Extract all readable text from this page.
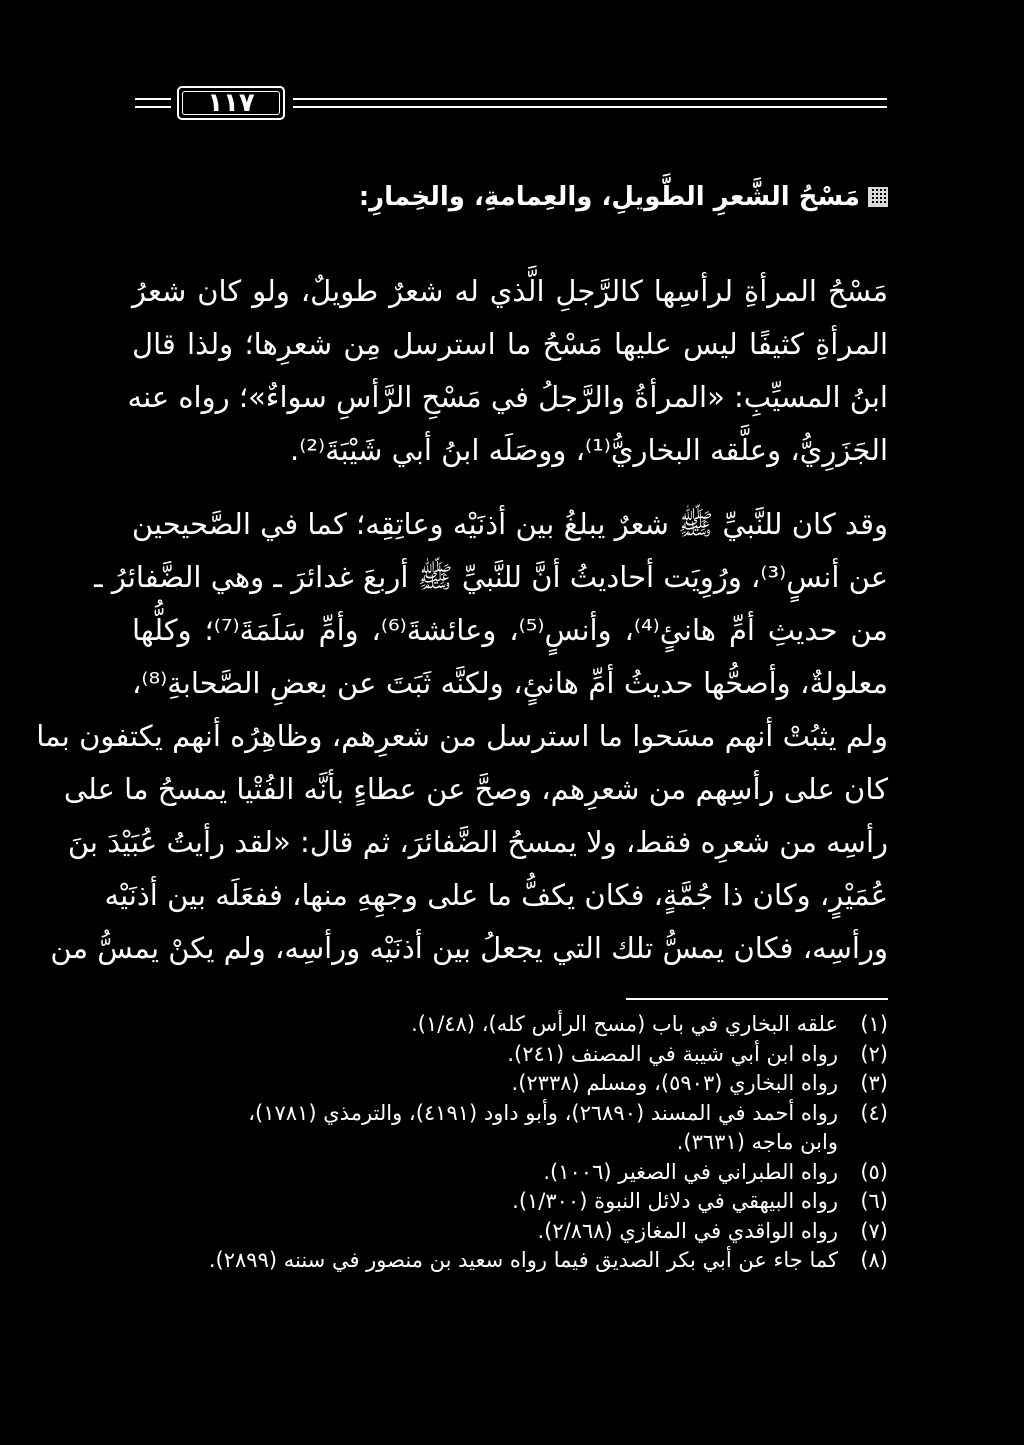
١١٧
مَسْحُ الشَّعرِ الطَّويلِ، والعِمامةِ، والخِمارِ:
مَسْحُ المرأةِ لرأسِها كالرَّجلِ الَّذي له شعرٌ طويلٌ، ولو كان شعرُ
المرأةِ كثيفًا ليس عليها مَسْحُ ما استرسل مِن شعرِها؛ ولذا قال
ابنُ المسيِّبِ: «المرأةُ والرَّجلُ في مَسْحِ الرَّأسِ سواءٌ»؛ رواه عنه
الجَزَرِيُّ، وعلَّقه البخاريُّ⁽¹⁾، ووصَلَه ابنُ أبي شَيْبَةَ⁽²⁾.
وقد كان للنَّبيِّ ﷺ شعرٌ يبلغُ بين أذنَيْه وعاتِقِه؛ كما في الصَّحيحين
عن أنسٍ⁽³⁾، ورُوِيَت أحاديثُ أنَّ للنَّبيِّ ﷺ أربعَ غدائرَ ـ وهي الضَّفائرُ ـ
من حديثِ أمِّ هانئٍ⁽⁴⁾، وأنسٍ⁽⁵⁾، وعائشةَ⁽⁶⁾، وأمِّ سَلَمَةَ⁽⁷⁾؛ وكلُّها
معلولةٌ، وأصحُّها حديثُ أمِّ هانئٍ، ولكنَّه ثَبَتَ عن بعضِ الصَّحابةِ⁽⁸⁾،
ولم يثبُتْ أنهم مسَحوا ما استرسل من شعرِهم، وظاهِرُه أنهم يكتفون بما
كان على رأسِهم من شعرِهم، وصحَّ عن عطاءٍ بأنَّه الفُتْيا يمسحُ ما على
رأسِه من شعرِه فقط، ولا يمسحُ الضَّفائرَ، ثم قال: «لقد رأيتُ عُبَيْدَ بنَ
عُمَيْرٍ، وكان ذا جُمَّةٍ، فكان يكفُّ ما على وجهِهِ منها، ففعَلَه بين أذنَيْه
ورأسِه، فكان يمسُّ تلك التي يجعلُ بين أذنَيْه ورأسِه، ولم يكنْ يمسُّ من
(١)
علقه البخاري في باب (مسح الرأس كله)، (١/٤٨).
(٢)
رواه ابن أبي شيبة في المصنف (٢٤١).
(٣)
رواه البخاري (٥٩٠٣)، ومسلم (٢٣٣٨).
(٤)
رواه أحمد في المسند (٢٦٨٩٠)، وأبو داود (٤١٩١)، والترمذي (١٧٨١)،
وابن ماجه (٣٦٣١).
(٥)
رواه الطبراني في الصغير (١٠٠٦).
(٦)
رواه البيهقي في دلائل النبوة (١/٣٠٠).
(٧)
رواه الواقدي في المغازي (٢/٨٦٨).
(٨)
كما جاء عن أبي بكر الصديق فيما رواه سعيد بن منصور في سننه (٢٨٩٩).
